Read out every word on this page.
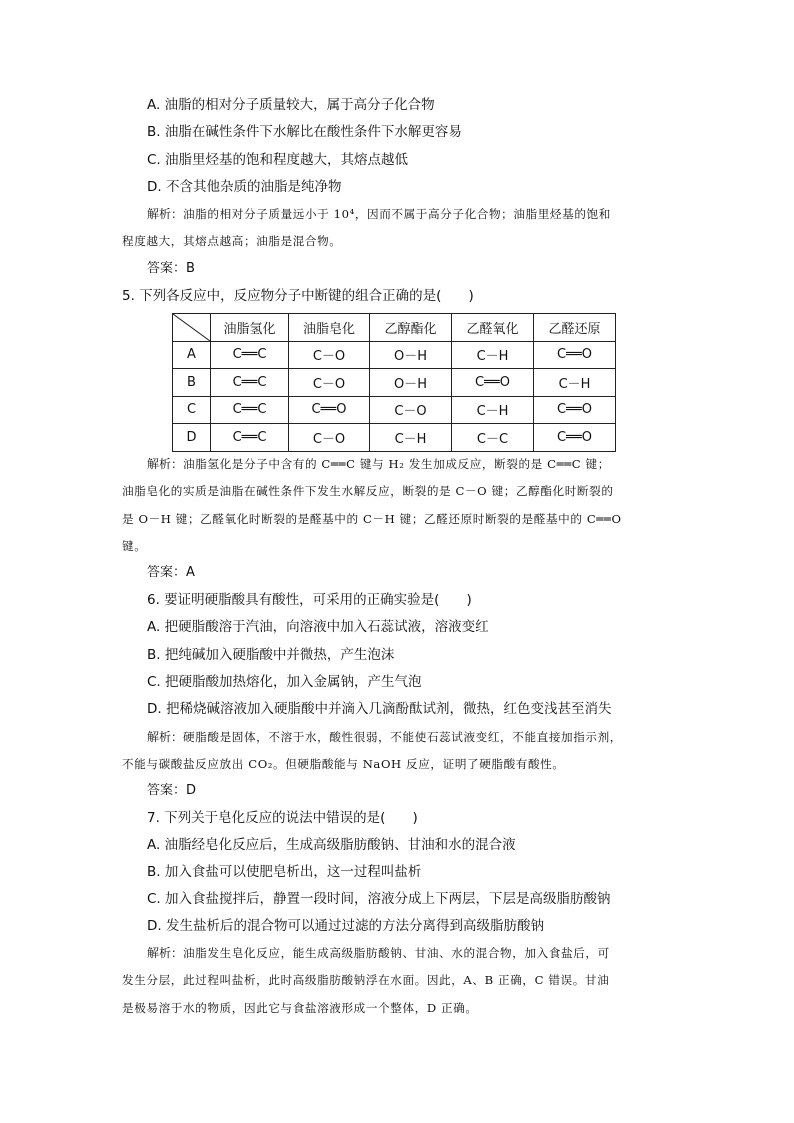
A. 油脂的相对分子质量较大，属于高分子化合物
B. 油脂在碱性条件下水解比在酸性条件下水解更容易
C. 油脂里烃基的饱和程度越大，其熔点越低
D. 不含其他杂质的油脂是纯净物
解析：油脂的相对分子质量远小于 10⁴，因而不属于高分子化合物；油脂里烃基的饱和
程度越大，其熔点越高；油脂是混合物。
答案：B
5. 下列各反应中，反应物分子中断键的组合正确的是(　　)
	油脂氢化	油脂皂化	乙醇酯化	乙醛氧化	乙醛还原
A	C══C	C－O	O－H	C－H	C══O
B	C══C	C－O	O－H	C══O	C－H
C	C══C	C══O	C－O	C－H	C══O
D	C══C	C－O	C－H	C－C	C══O
解析：油脂氢化是分子中含有的 C══C 键与 H₂ 发生加成反应，断裂的是 C══C 键；
油脂皂化的实质是油脂在碱性条件下发生水解反应，断裂的是 C－O 键；乙醇酯化时断裂的
是 O－H 键；乙醛氧化时断裂的是醛基中的 C－H 键；乙醛还原时断裂的是醛基中的 C══O
键。
答案：A
6. 要证明硬脂酸具有酸性，可采用的正确实验是(　　)
A. 把硬脂酸溶于汽油，向溶液中加入石蕊试液，溶液变红
B. 把纯碱加入硬脂酸中并微热，产生泡沫
C. 把硬脂酸加热熔化，加入金属钠，产生气泡
D. 把稀烧碱溶液加入硬脂酸中并滴入几滴酚酞试剂，微热，红色变浅甚至消失
解析：硬脂酸是固体，不溶于水，酸性很弱，不能使石蕊试液变红，不能直接加指示剂，
不能与碳酸盐反应放出 CO₂。但硬脂酸能与 NaOH 反应，证明了硬脂酸有酸性。
答案：D
7. 下列关于皂化反应的说法中错误的是(　　)
A. 油脂经皂化反应后，生成高级脂肪酸钠、甘油和水的混合液
B. 加入食盐可以使肥皂析出，这一过程叫盐析
C. 加入食盐搅拌后，静置一段时间，溶液分成上下两层，下层是高级脂肪酸钠
D. 发生盐析后的混合物可以通过过滤的方法分离得到高级脂肪酸钠
解析：油脂发生皂化反应，能生成高级脂肪酸钠、甘油、水的混合物，加入食盐后，可
发生分层，此过程叫盐析，此时高级脂肪酸钠浮在水面。因此，A、B 正确，C 错误。甘油
是极易溶于水的物质，因此它与食盐溶液形成一个整体，D 正确。
